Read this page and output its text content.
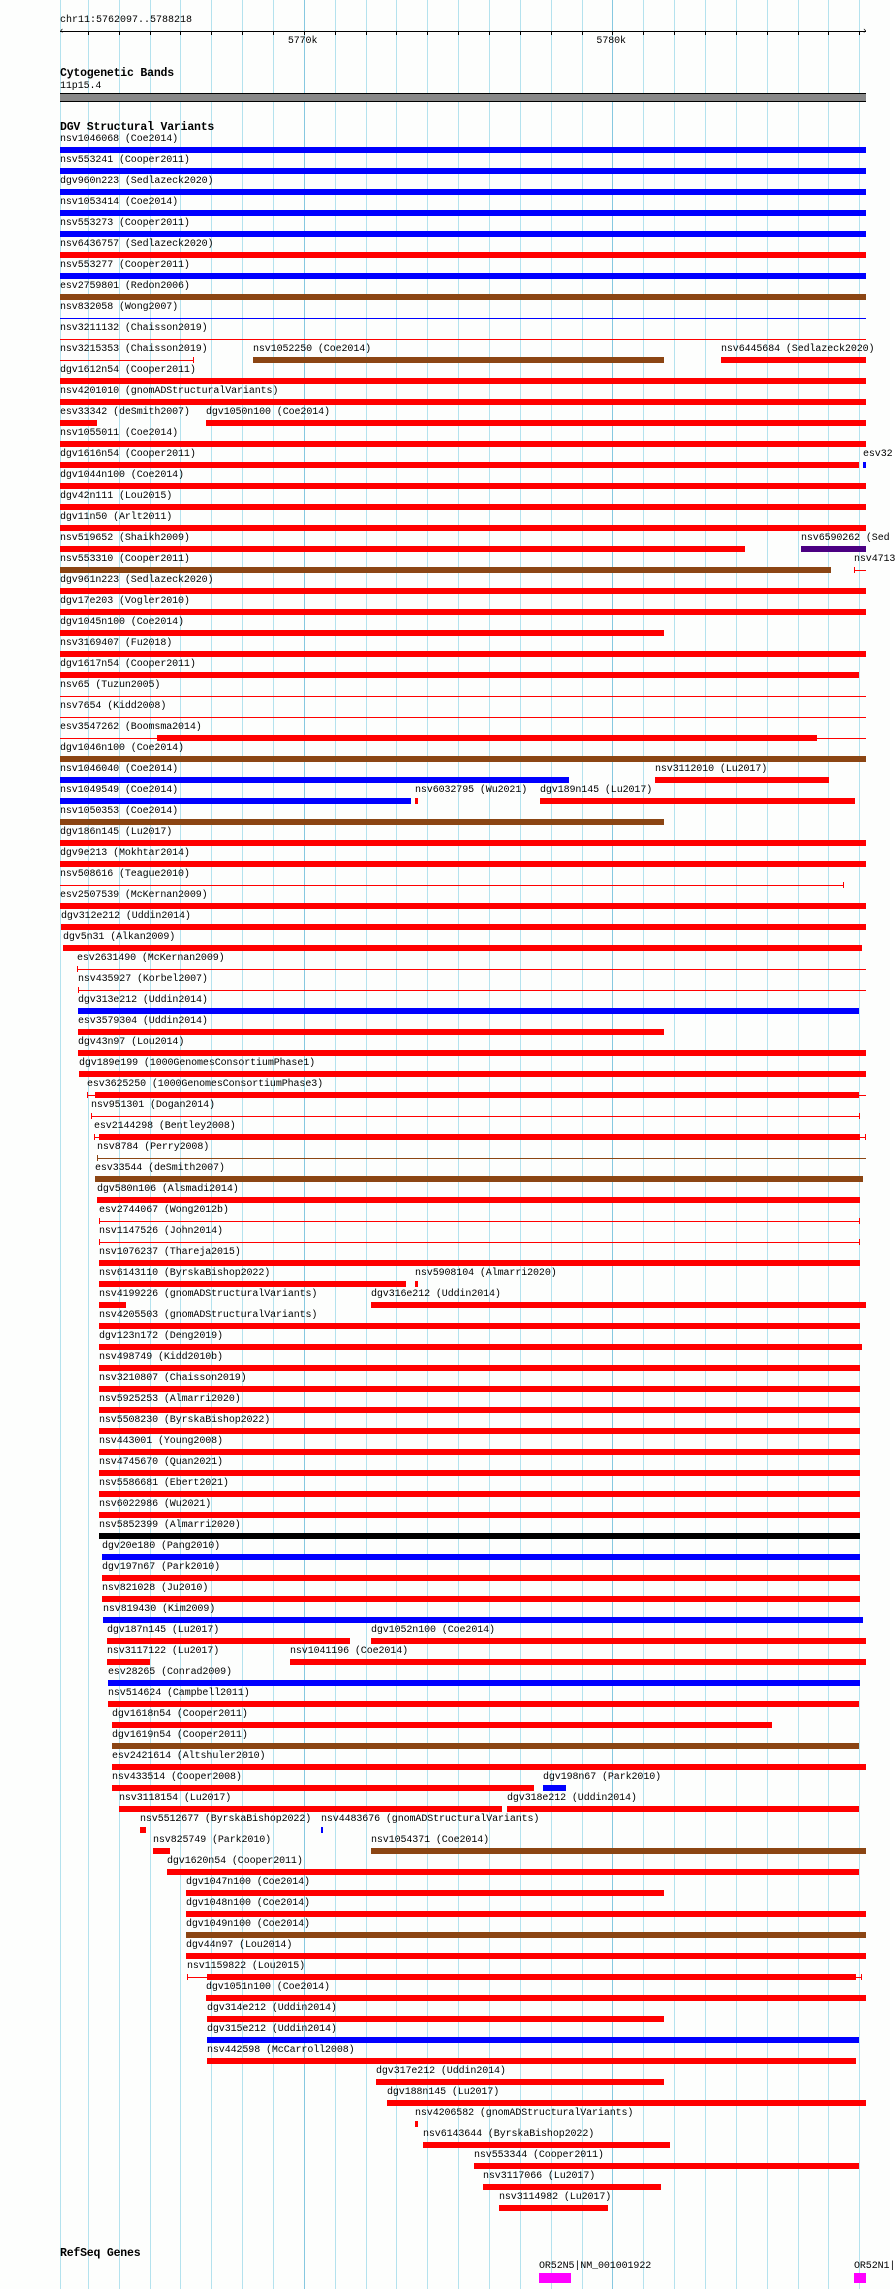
chr11:5762097..5788218
‹	›
5770k	5780k
Cytogenetic Bands
11p15.4
DGV Structural Variants
nsv1046068 (Coe2014)
nsv553241 (Cooper2011)
dgv960n223 (Sedlazeck2020)
nsv1053414 (Coe2014)
nsv553273 (Cooper2011)
nsv6436757 (Sedlazeck2020)
nsv553277 (Cooper2011)
esv2759801 (Redon2006)
nsv832058 (Wong2007)
nsv3211132 (Chaisson2019)
nsv3215353 (Chaisson2019)	nsv1052250 (Coe2014)	nsv6445684 (Sedlazeck2020)
dgv1612n54 (Cooper2011)
nsv4201010 (gnomADStructuralVariants)
esv33342 (deSmith2007) dgv1050n100 (Coe2014)
nsv1055011 (Coe2014)
dgv1616n54 (Cooper2011)	esv32
dgv1044n100 (Coe2014)
dgv42n111 (Lou2015)
dgv11n50 (Arlt2011)
nsv519652 (Shaikh2009)	nsv6590262 (Sed
nsv553310 (Cooper2011)	nsv4713
dgv961n223 (Sedlazeck2020)
dgv17e203 (Vogler2010)
dgv1045n100 (Coe2014)
nsv3169407 (Fu2018)
dgv1617n54 (Cooper2011)
nsv65 (Tuzun2005)
nsv7654 (Kidd2008)
esv3547262 (Boomsma2014)
dgv1046n100 (Coe2014)
nsv1046040 (Coe2014)	nsv3112010 (Lu2017)
nsv1049549 (Coe2014)	nsv6032795 (Wu2021) dgv189n145 (Lu2017)
nsv1050353 (Coe2014)
dgv186n145 (Lu2017)
dgv9e213 (Mokhtar2014)
nsv508616 (Teague2010)
esv2507539 (McKernan2009)
dgv312e212 (Uddin2014)
dgv5n31 (Alkan2009)
esv2631490 (McKernan2009)
nsv435927 (Korbel2007)
dgv313e212 (Uddin2014)
esv3579304 (Uddin2014)
dgv43n97 (Lou2014)
dgv189e199 (1000GenomesConsortiumPhase1)
esv3625250 (1000GenomesConsortiumPhase3)
nsv951301 (Dogan2014)
esv2144298 (Bentley2008)
nsv8784 (Perry2008)
esv33544 (deSmith2007)
dgv580n106 (Alsmadi2014)
esv2744067 (Wong2012b)
nsv1147526 (John2014)
nsv1076237 (Thareja2015)
nsv6143110 (ByrskaBishop2022)	nsv5908104 (Almarri2020)
nsv4199226 (gnomADStructuralVariants)	dgv316e212 (Uddin2014)
nsv4205503 (gnomADStructuralVariants)
dgv123n172 (Deng2019)
nsv498749 (Kidd2010b)
nsv3210807 (Chaisson2019)
nsv5925253 (Almarri2020)
nsv5508230 (ByrskaBishop2022)
nsv443001 (Young2008)
nsv4745670 (Quan2021)
nsv5586681 (Ebert2021)
nsv6022986 (Wu2021)
nsv5852399 (Almarri2020)
dgv20e180 (Pang2010)
dgv197n67 (Park2010)
nsv821028 (Ju2010)
nsv819430 (Kim2009)
dgv187n145 (Lu2017)	dgv1052n100 (Coe2014)
nsv3117122 (Lu2017)	nsv1041196 (Coe2014)
esv28265 (Conrad2009)
nsv514624 (Campbell2011)
dgv1618n54 (Cooper2011)
dgv1619n54 (Cooper2011)
esv2421614 (Altshuler2010)
nsv433514 (Cooper2008)	dgv198n67 (Park2010)
nsv3118154 (Lu2017)	dgv318e212 (Uddin2014)
nsv5512677 (ByrskaBishop2022) nsv4483676 (gnomADStructuralVariants)
nsv825749 (Park2010)	nsv1054371 (Coe2014)
dgv1620n54 (Cooper2011)
dgv1047n100 (Coe2014)
dgv1048n100 (Coe2014)
dgv1049n100 (Coe2014)
dgv44n97 (Lou2014)
nsv1159822 (Lou2015)
dgv1051n100 (Coe2014)
dgv314e212 (Uddin2014)
dgv315e212 (Uddin2014)
nsv442598 (McCarroll2008)
dgv317e212 (Uddin2014)
dgv188n145 (Lu2017)
nsv4206582 (gnomADStructuralVariants)
nsv6143644 (ByrskaBishop2022)
nsv553344 (Cooper2011)
nsv3117066 (Lu2017)
nsv3114982 (Lu2017)
RefSeq Genes
OR52N5|NM_001001922	OR52N1|
